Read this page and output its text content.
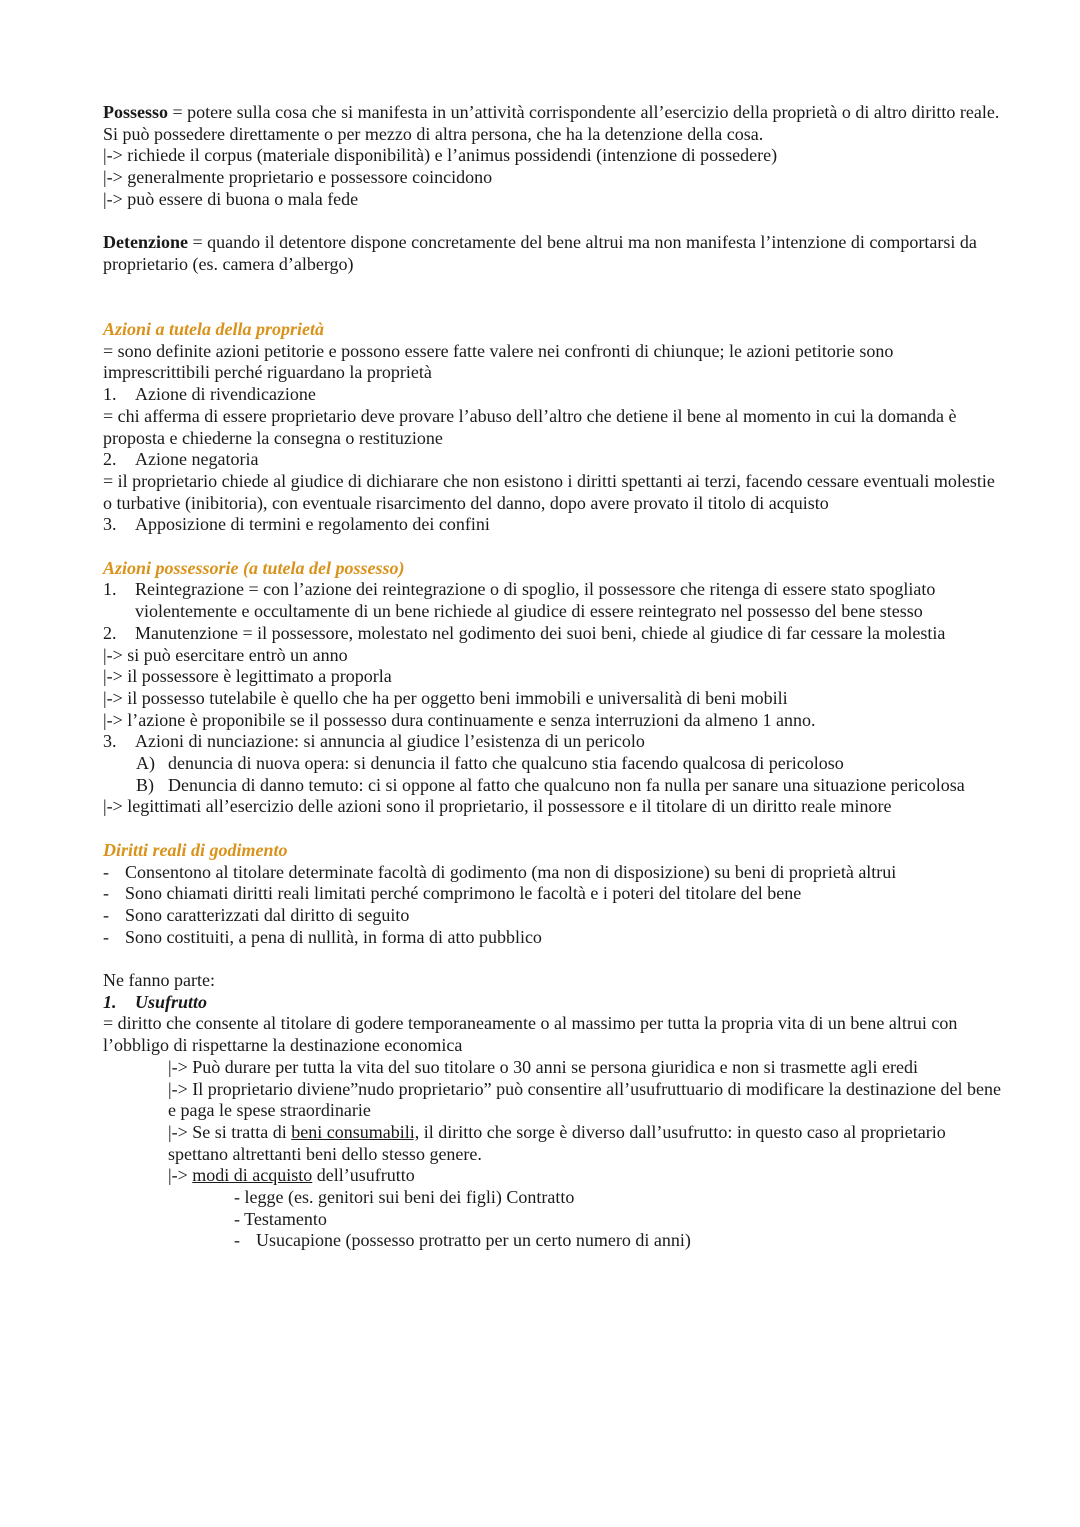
Possesso = potere sulla cosa che si manifesta in un’attività corrispondente all’esercizio della proprietà o di altro diritto reale. Si può possedere direttamente o per mezzo di altra persona, che ha la detenzione della cosa.

|-> richiede il corpus (materiale disponibilità) e l’animus possidendi (intenzione di possedere)

|-> generalmente proprietario e possessore coincidono

|-> può essere di buona o mala fede

Detenzione = quando il detentore dispone concretamente del bene altrui ma non manifesta l’intenzione di comportarsi da proprietario (es. camera d’albergo)

Azioni a tutela della proprietà

= sono definite azioni petitorie e possono essere fatte valere nei confronti di chiunque; le azioni petitorie sono imprescrittibili perché riguardano la proprietà

1.	Azione di rivendicazione

= chi afferma di essere proprietario deve provare l’abuso dell’altro che detiene il bene al momento in cui la domanda è proposta e chiederne la consegna o restituzione

2.	Azione negatoria

= il proprietario chiede al giudice di dichiarare che non esistono i diritti spettanti ai terzi, facendo cessare eventuali molestie o turbative (inibitoria), con eventuale risarcimento del danno, dopo avere provato il titolo di acquisto

3.	Apposizione di termini e regolamento dei confini

Azioni possessorie (a tutela del possesso)

1.	Reintegrazione = con l’azione dei reintegrazione o di spoglio, il possessore che ritenga di essere stato spogliato violentemente e occultamente di un bene richiede al giudice di essere reintegrato nel possesso del bene stesso
2.	Manutenzione = il possessore, molestato nel godimento dei suoi beni, chiede al giudice di far cessare la molestia

|-> si può esercitare entrò un anno

|-> il possessore è legittimato a proporla

|-> il possesso tutelabile è quello che ha per oggetto beni immobili e universalità di beni mobili

|-> l’azione è proponibile se il possesso dura continuamente e senza interruzioni da almeno 1 anno.

3.	Azioni di nunciazione: si annuncia al giudice l’esistenza di un pericolo
A) denuncia di nuova opera: si denuncia il fatto che qualcuno stia facendo qualcosa di pericoloso
B) Denuncia di danno temuto: ci si oppone al fatto che qualcuno non fa nulla per sanare una situazione pericolosa

|-> legittimati all’esercizio delle azioni sono il proprietario, il possessore e il titolare di un diritto reale minore

Diritti reali di godimento

- Consentono al titolare determinate facoltà di godimento (ma non di disposizione) su beni di proprietà altrui
- Sono chiamati diritti reali limitati perché comprimono le facoltà e i poteri del titolare del bene
- Sono caratterizzati dal diritto di seguito
- Sono costituiti, a pena di nullità, in forma di atto pubblico

Ne fanno parte:

1.	Usufrutto

= diritto che consente al titolare di godere temporaneamente o al massimo per tutta la propria vita di un bene altrui con l’obbligo di rispettarne la destinazione economica

|-> Può durare per tutta la vita del suo titolare o 30 anni se persona giuridica e non si trasmette agli eredi

|-> Il proprietario diviene”nudo proprietario” può consentire all’usufruttuario di modificare la destinazione del bene e paga le spese straordinarie

|-> Se si tratta di beni consumabili, il diritto che sorge è diverso dall’usufrutto: in questo caso al proprietario spettano altrettanti beni dello stesso genere.

|-> modi di acquisto dell’usufrutto

- legge (es. genitori sui beni dei figli) Contratto

- Testamento

- Usucapione (possesso protratto per un certo numero di anni)
